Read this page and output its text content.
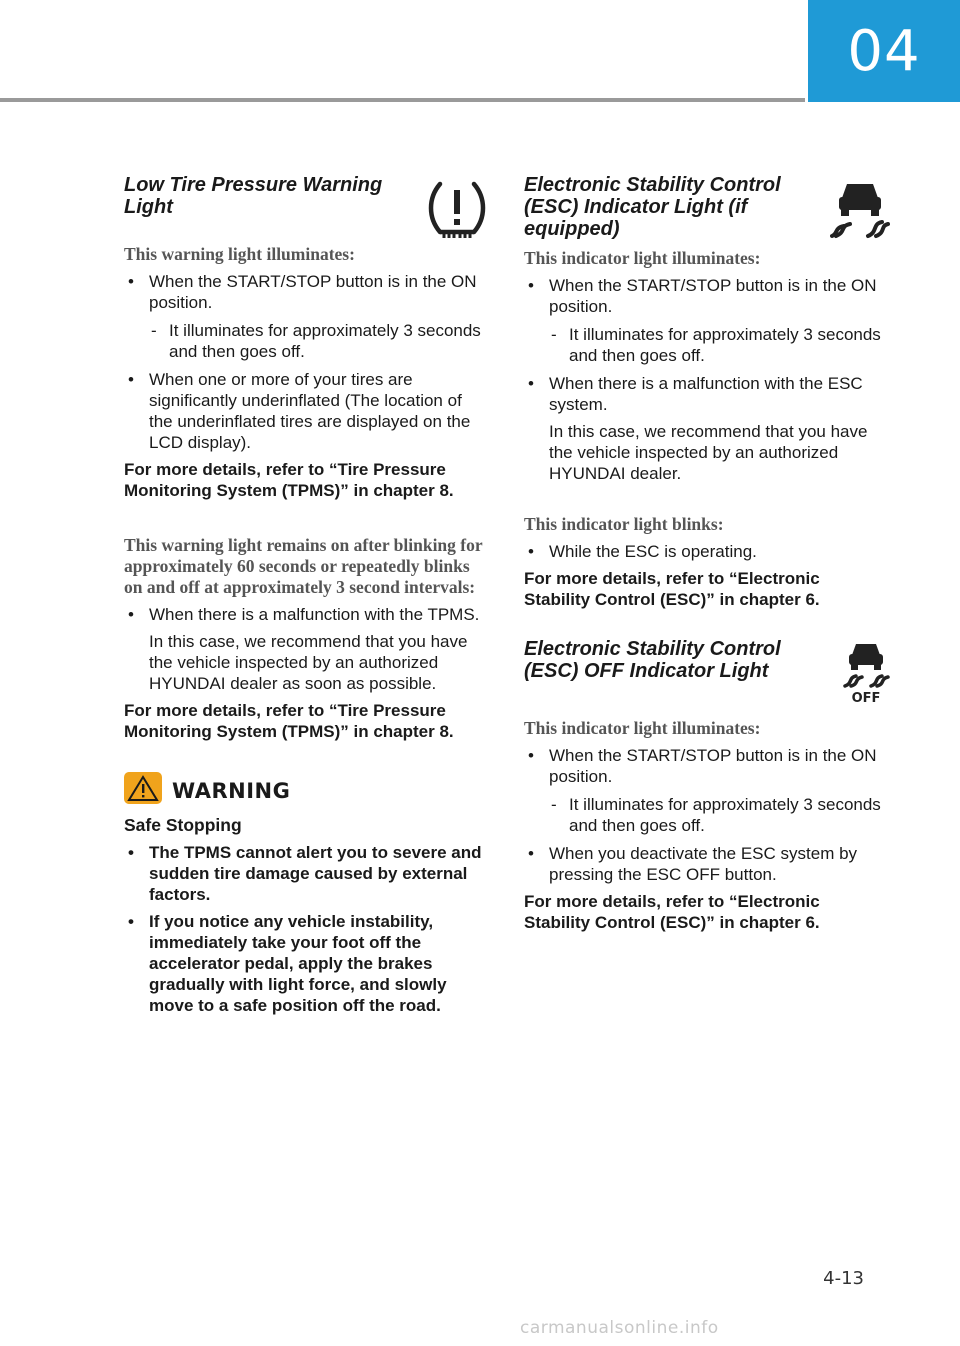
04
Low Tire Pressure Warning Light

This warning light illuminates:

• When the START/STOP button is in the ON position.
- It illuminates for approximately 3 seconds and then goes off.
• When one or more of your tires are significantly underinflated (The location of the underinflated tires are displayed on the LCD display).

For more details, refer to “Tire Pressure Monitoring System (TPMS)” in chapter 8.

This warning light remains on after blinking for approximately 60 seconds or repeatedly blinks on and off at approximately 3 second intervals:

• When there is a malfunction with the TPMS.

In this case, we recommend that you have the vehicle inspected by an authorized HYUNDAI dealer as soon as possible.

For more details, refer to “Tire Pressure Monitoring System (TPMS)” in chapter 8.

WARNING

Safe Stopping

• The TPMS cannot alert you to severe and sudden tire damage caused by external factors.
• If you notice any vehicle instability, immediately take your foot off the accelerator pedal, apply the brakes gradually with light force, and slowly move to a safe position off the road.
Electronic Stability Control (ESC) Indicator Light (if equipped)

This indicator light illuminates:

• When the START/STOP button is in the ON position.
- It illuminates for approximately 3 seconds and then goes off.
• When there is a malfunction with the ESC system.

In this case, we recommend that you have the vehicle inspected by an authorized HYUNDAI dealer.

This indicator light blinks:

• While the ESC is operating.

For more details, refer to “Electronic Stability Control (ESC)” in chapter 6.

Electronic Stability Control (ESC) OFF Indicator Light
OFF

This indicator light illuminates:

• When the START/STOP button is in the ON position.
- It illuminates for approximately 3 seconds and then goes off.
• When you deactivate the ESC system by pressing the ESC OFF button.

For more details, refer to “Electronic Stability Control (ESC)” in chapter 6.

4-13
carmanualsonline.info
